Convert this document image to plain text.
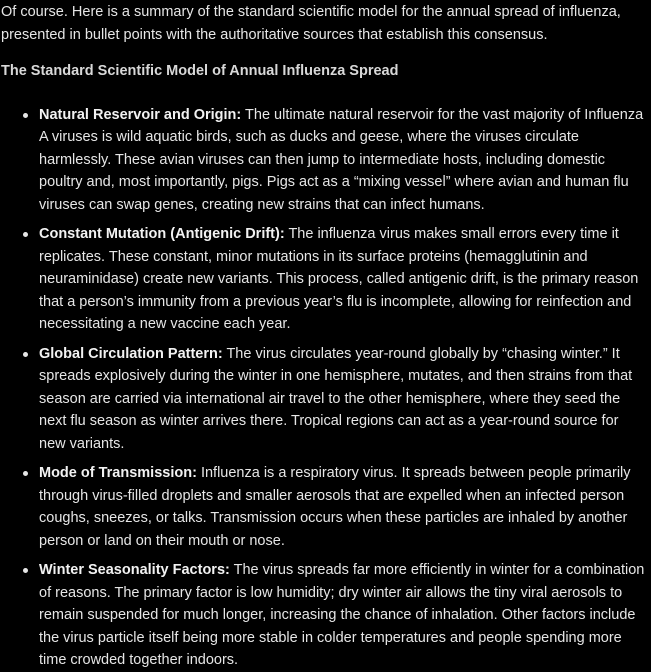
Of course. Here is a summary of the standard scientific model for the annual spread of influenza, presented in bullet points with the authoritative sources that establish this consensus.

The Standard Scientific Model of Annual Influenza Spread

Natural Reservoir and Origin: The ultimate natural reservoir for the vast majority of Influenza A viruses is wild aquatic birds, such as ducks and geese, where the viruses circulate harmlessly. These avian viruses can then jump to intermediate hosts, including domestic poultry and, most importantly, pigs. Pigs act as a “mixing vessel” where avian and human flu viruses can swap genes, creating new strains that can infect humans.
Constant Mutation (Antigenic Drift): The influenza virus makes small errors every time it replicates. These constant, minor mutations in its surface proteins (hemagglutinin and neuraminidase) create new variants. This process, called antigenic drift, is the primary reason that a person’s immunity from a previous year’s flu is incomplete, allowing for reinfection and necessitating a new vaccine each year.
Global Circulation Pattern: The virus circulates year-round globally by “chasing winter.” It spreads explosively during the winter in one hemisphere, mutates, and then strains from that season are carried via international air travel to the other hemisphere, where they seed the next flu season as winter arrives there. Tropical regions can act as a year-round source for new variants.
Mode of Transmission: Influenza is a respiratory virus. It spreads between people primarily through virus-filled droplets and smaller aerosols that are expelled when an infected person coughs, sneezes, or talks. Transmission occurs when these particles are inhaled by another person or land on their mouth or nose.
Winter Seasonality Factors: The virus spreads far more efficiently in winter for a combination of reasons. The primary factor is low humidity; dry winter air allows the tiny viral aerosols to remain suspended for much longer, increasing the chance of inhalation. Other factors include the virus particle itself being more stable in colder temperatures and people spending more time crowded together indoors.
